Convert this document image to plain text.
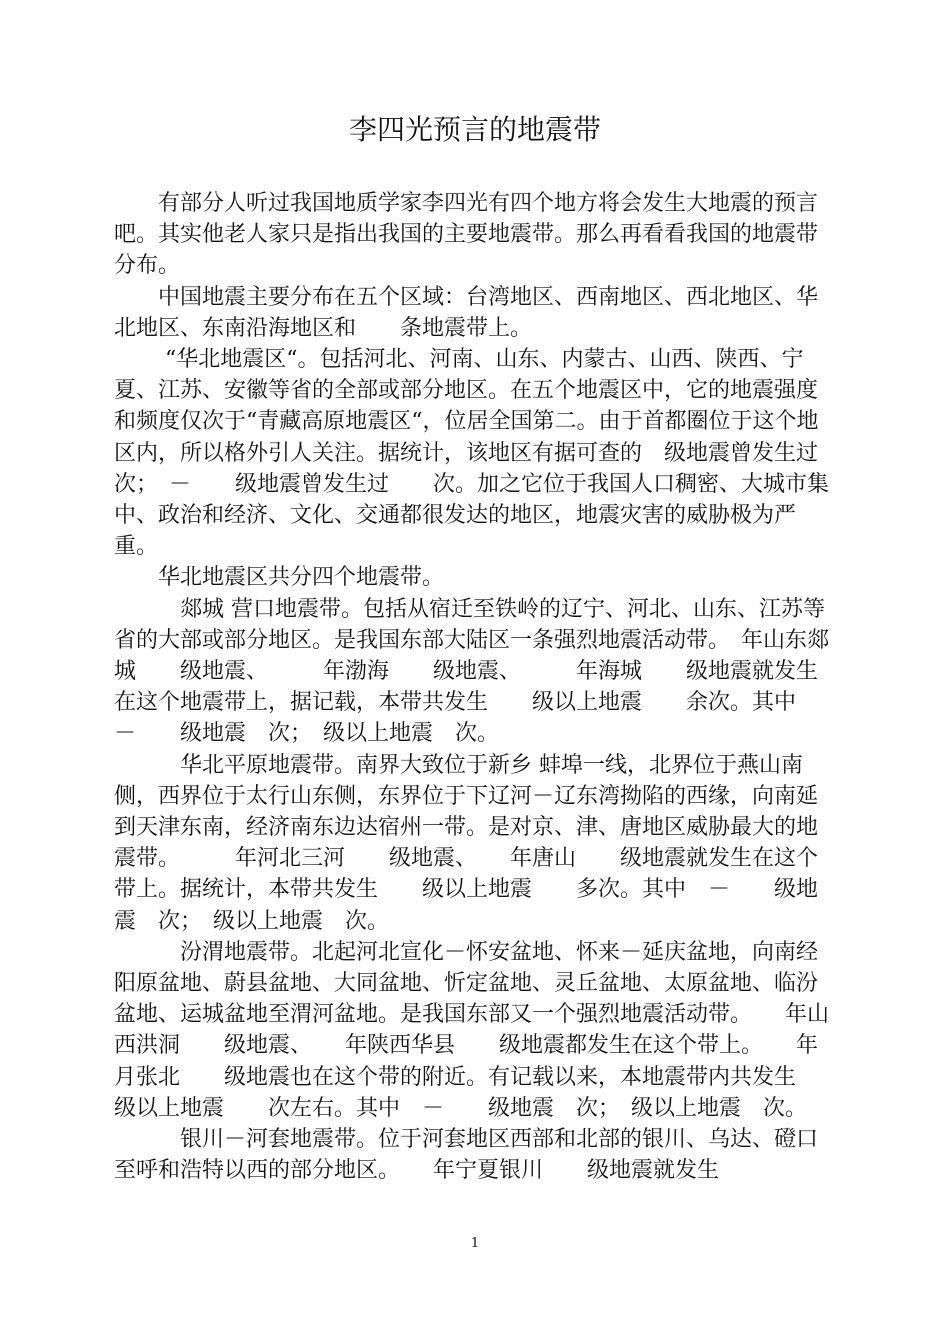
李四光预言的地震带

　　有部分人听过我国地质学家李四光有四个地方将会发生大地震的预言吧。其实他老人家只是指出我国的主要地震带。那么再看看我国的地震带分布。

　　中国地震主要分布在五个区域：台湾地区、西南地区、西北地区、华北地区、东南沿海地区和　　条地震带上。

　　 “华北地震区“。包括河北、河南、山东、内蒙古、山西、陕西、宁夏、江苏、安徽等省的全部或部分地区。在五个地震区中，它的地震强度和频度仅次于“青藏高原地震区“，位居全国第二。由于首都圈位于这个地区内，所以格外引人关注。据统计，该地区有据可查的　级地震曾发生过　次；　－　　级地震曾发生过　　次。加之它位于我国人口稠密、大城市集中、政治和经济、文化、交通都很发达的地区，地震灾害的威胁极为严重。

　　华北地震区共分四个地震带。

　　　郯城 营口地震带。包括从宿迁至铁岭的辽宁、河北、山东、江苏等省的大部或部分地区。是我国东部大陆区一条强烈地震活动带。　年山东郯城　　级地震、　　　年渤海　　级地震、　　　年海城　　级地震就发生在这个地震带上，据记载，本带共发生　　级以上地震　　余次。其中　－　　级地震　次；　级以上地震　次。

　　　华北平原地震带。南界大致位于新乡 蚌埠一线，北界位于燕山南侧，西界位于太行山东侧，东界位于下辽河－辽东湾拗陷的西缘，向南延到天津东南，经济南东边达宿州一带。是对京、津、唐地区威胁最大的地震带。　　　年河北三河　　级地震、　　年唐山　　级地震就发生在这个带上。据统计，本带共发生　　级以上地震　　多次。其中　－　　级地震　次；　级以上地震　次。

　　　汾渭地震带。北起河北宣化－怀安盆地、怀来－延庆盆地，向南经阳原盆地、蔚县盆地、大同盆地、忻定盆地、灵丘盆地、太原盆地、临汾盆地、运城盆地至渭河盆地。是我国东部又一个强烈地震活动带。　　年山西洪洞　　级地震、　　年陕西华县　　级地震都发生在这个带上。　　年　月张北　　级地震也在这个带的附近。有记载以来，本地震带内共发生　　级以上地震　　次左右。其中　－　　级地震　次；　级以上地震　次。

　　　银川－河套地震带。位于河套地区西部和北部的银川、乌达、磴口至呼和浩特以西的部分地区。　　年宁夏银川　　级地震就发生

1
